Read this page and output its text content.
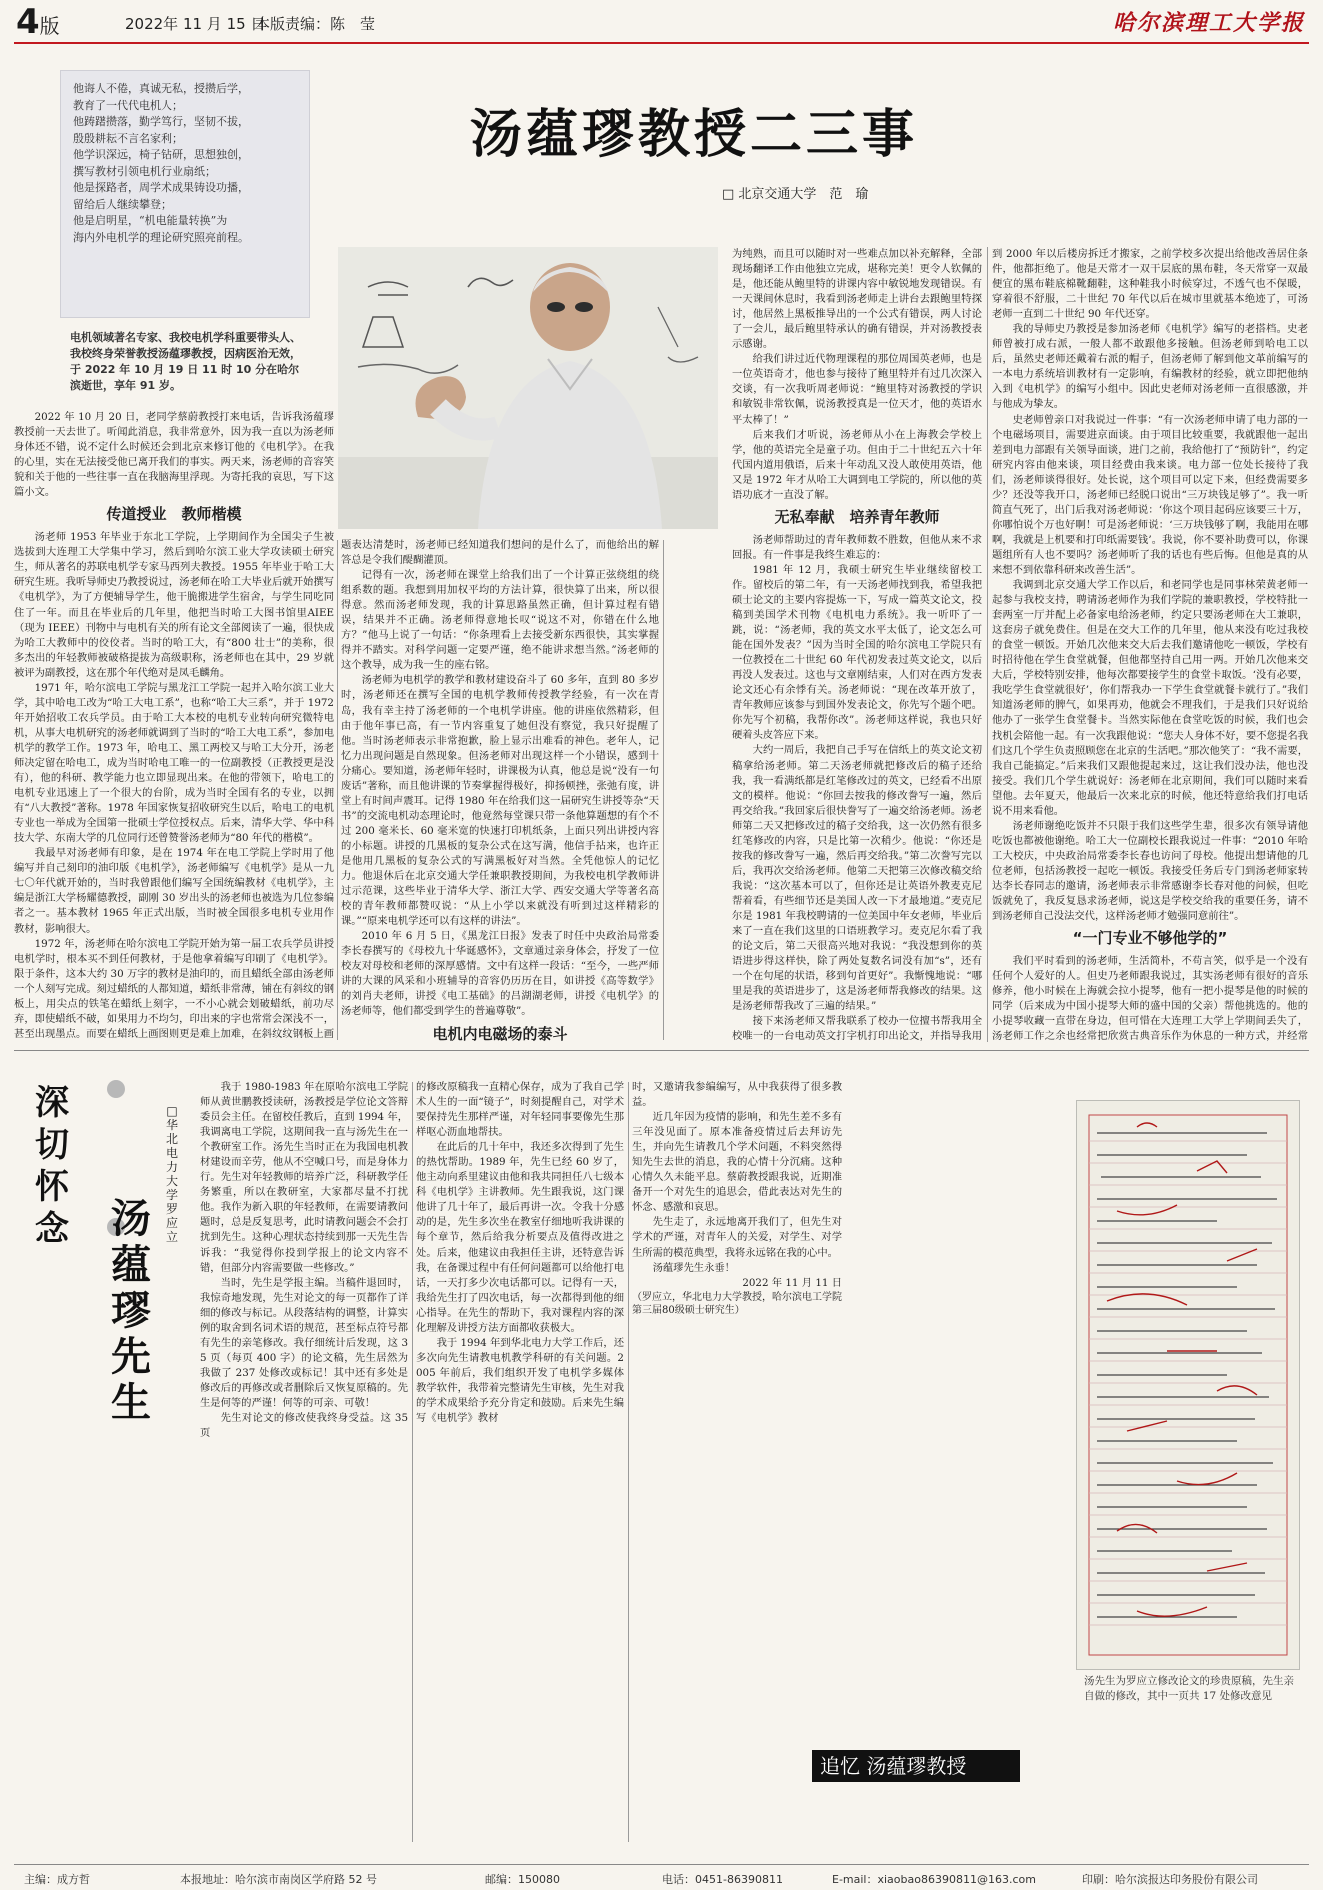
4版	2022年 11 月 15 日
本版责编：陈　莹	哈尔滨理工大学报

他诲人不倦，真诚无私，授攒后学，

教育了一代代电机人；

他踌躇攒落，勤学笃行，坚韧不拔，

殷殷耕耘不言名家利；

他学识深远，椅子钻研，思想独创，

撰写教材引领电机行业扇纸；

他是探路者，周学术成果铸设功播，

留给后人继续攀登；

他是启明星，“机电能量转换”为

海内外电机学的理论研究照亮前程。

电机领域著名专家、我校电机学科重要带头人、我校终身荣誉教授汤蕴璆教授，因病医治无效，于 2022 年 10 月 19 日 11 时 10 分在哈尔滨逝世，享年 91 岁。
汤蕴璆教授二三事
□ 北京交通大学　范　瑜

2022 年 10 月 20 日，老同学蔡蔚教授打来电话，告诉我汤蕴璆教授前一天去世了。听闻此消息，我非常意外，因为我一直以为汤老师身体还不错，说不定什么时候还会到北京来修订他的《电机学》。在我的心里，实在无法接受他已离开我们的事实。两天来，汤老师的音容笑貌和关于他的一些往事一直在我脑海里浮现。为寄托我的哀思，写下这篇小文。

传道授业　教师楷模

汤老师 1953 年毕业于东北工学院，上学期间作为全国尖子生被选拔到大连理工大学集中学习，然后到哈尔滨工业大学攻读硕士研究生，师从著名的苏联电机学专家马西列夫教授。1955 年毕业于哈工大研究生班。我听导师史乃教授说过，汤老师在哈工大毕业后就开始撰写《电机学》，为了方便辅导学生，他干脆搬进学生宿舍，与学生同吃同住了一年。而且在毕业后的几年里，他把当时哈工大图书馆里AIEE（现为 IEEE）刊物中与电机有关的所有论文全部阅读了一遍，很快成为哈工大教师中的佼佼者。当时的哈工大，有“800 壮士”的美称，很多杰出的年轻教师被破格提拔为高级职称，汤老师也在其中，29 岁就被评为副教授，这在那个年代绝对是凤毛麟角。

1971 年，哈尔滨电工学院与黑龙江工学院一起并入哈尔滨工业大学，其中哈电工改为“哈工大电工系”，也称“哈工大三系”，并于 1972 年开始招收工农兵学员。由于哈工大本校的电机专业转向研究微特电机，从事大电机研究的汤老师就调到了当时的“哈工大电工系”，参加电机学的教学工作。1973 年，哈电工、黑工两校又与哈工大分开，汤老师决定留在哈电工，成为当时哈电工唯一的一位副教授（正教授更是没有），他的科研、教学能力也立即显现出来。在他的带领下，哈电工的电机专业迅速上了一个很大的台阶，成为当时全国有名的专业，以拥有“八大教授”著称。1978 年国家恢复招收研究生以后，哈电工的电机专业也一举成为全国第一批硕士学位授权点。后来，清华大学、华中科技大学、东南大学的几位同行还曾赞誉汤老师为“80 年代的楷模”。

我最早对汤老师有印象，是在 1974 年在电工学院上学时用了他编写并自己刻印的油印版《电机学》，汤老师编写《电机学》是从一九七〇年代就开始的，当时我曾跟他们编写全国统编教材《电机学》，主编是浙江大学杨耀德教授，副刚 30 岁出头的汤老师也被选为几位参编者之一。基本教材 1965 年正式出版，当时被全国很多电机专业用作教材，影响很大。

1972 年，汤老师在哈尔滨电工学院开始为第一届工农兵学员讲授电机学时，根本买不到任何教材，于是他拿着编写印刷了《电机学》。限于条件，这本大约 30 万字的教材是油印的，而且蜡纸全部由汤老师一个人刻写完成。刻过蜡纸的人都知道，蜡纸非常薄，铺在有斜纹的钢板上，用尖点的铁笔在蜡纸上刻字，一不小心就会划破蜡纸，前功尽弃，即使蜡纸不破，如果用力不均匀，印出来的字也常常会深浅不一，甚至出现墨点。而要在蜡纸上画图则更是难上加难，在斜纹纹钢板上画

题表达清楚时，汤老师已经知道我们想问的是什么了，而他给出的解答总是令我们醍醐灌顶。

记得有一次，汤老师在课堂上给我们出了一个计算正弦绕组的绕组系数的题。我想到用加权平均的方法计算，很快算了出来，所以很得意。然而汤老师发现，我的计算思路虽然正确，但计算过程有错误，结果并不正确。汤老师得意地长叹“说这不对，你错在什么地方？”他马上说了一句话：“你条理看上去接受新东西很快，其实掌握得并不踏实。对科学问题一定要严谨，绝不能讲求想当然。”汤老师的这个教导，成为我一生的座右铭。

汤老师为电机学的教学和教材建设奋斗了 60 多年，直到 80 多岁时，汤老师还在撰写全国的电机学教师传授教学经验，有一次在青岛，我有幸主持了汤老师的一个电机学讲座。他的讲座依然精彩，但由于他年事已高，有一节内容重复了她但没有察觉，我只好提醒了他。当时汤老师表示非常抱歉，脸上显示出难看的神色。老年人，记忆力出现问题是自然现象。但汤老师对出现这样一个小错误，感到十分痛心。要知道，汤老师年轻时，讲课极为认真，他总是说“没有一句废话”著称，而且他讲课的节奏掌握得极好，抑扬顿挫，张弛有度，讲堂上有时间声震耳。记得 1980 年在给我们这一届研究生讲授等杂“天书”的交流电机动态理论时，他竟然每堂课只带一条他算题想的有个不过 200 毫米长、60 毫米宽的快速打印机纸条，上面只列出讲授内容的小标题。讲授的几黑板的复杂公式在这写满，他信手拈来，也许正是他用几黑板的复杂公式的写满黑板好对当然。全凭他惊人的记忆力。他退休后在北京交通大学任兼职教授期间，为我校电机学教师讲过示范课，这些毕业于清华大学、浙江大学、西安交通大学等著名高校的青年教师都赞叹说：“从上小学以来就没有听到过这样精彩的课。”“原来电机学还可以有这样的讲法”。

2010 年 6 月 5 日，《黑龙江日报》发表了时任中央政治局常委李长春撰写的《母校九十华诞感怀》，文章通过亲身体会，抒发了一位校友对母校和老师的深厚感情。文中有这样一段话：“至今，一些严师讲的大课的风采和小班辅导的音容仍历历在目，如讲授《高等数学》的刘肖夫老师，讲授《电工基础》的吕湖湖老师，讲授《电机学》的汤老师等，他们都受到学生的普遍尊敬”。

电机内电磁场的泰斗

为纯熟，而且可以随时对一些难点加以补充解释，全部现场翻译工作由他独立完成，堪称完美！更令人钦佩的是，他还能从鲍里特的讲课内容中敏锐地发现错误。有一天课间休息时，我看到汤老师走上讲台去跟鲍里特探讨，他居然上黑板推导出的一个公式有错误，两人讨论了一会儿，最后鲍里特承认的确有错误，并对汤教授表示感谢。

给我们讲过近代物理课程的那位周国英老师，也是一位英语奇才，他也参与接待了鲍里特并有过几次深入交谈，有一次我听周老师说：“鲍里特对汤教授的学识和敏锐非常钦佩，说汤教授真是一位天才，他的英语水平太棒了！”

后来我们才听说，汤老师从小在上海教会学校上学，他的英语完全是童子功。但由于二十世纪五六十年代国内道用俄语，后来十年动乱又没人敢使用英语，他又是 1972 年才从哈工大调到电工学院的，所以他的英语功底才一直没了解。

无私奉献　培养青年教师

汤老师帮助过的青年教师数不胜数，但他从来不求回报。有一件事是我终生难忘的：

1981 年 12 月，我硕士研究生毕业继续留校工作。留校后的第二年，有一天汤老师找到我，希望我把硕士论文的主要内容提炼一下，写成一篇英文论文，投稿到美国学术刊物《电机电力系统》。我一听吓了一跳，说：“汤老师，我的英文水平太低了，论文怎么可能在国外发表？”因为当时全国的哈尔滨电工学院只有一位教授在二十世纪 60 年代初发表过英文论文，以后再没人发表过。这也与文章刚结束，人们对在西方发表论文还心有余悸有关。汤老师说：“现在改革开放了，青年教师应该参与到国外发表论文，你先写个题个吧。你先写个初稿，我帮你改”。汤老师这样说，我也只好硬着头皮答应下来。

大约一周后，我把自己手写在信纸上的英文论文初稿拿给汤老师。第二天汤老师就把修改后的稿子还给我，我一看满纸都是红笔修改过的英文，已经看不出原文的模样。他说：“你回去按我的修改誊写一遍，然后再交给我。”我回家后很快誊写了一遍交给汤老师。汤老师第二天又把修改过的稿子交给我，这一次仍然有很多红笔修改的内容，只是比第一次稍少。他说：“你还是按我的修改誊写一遍，然后再交给我。”第二次誊写完以后，我再次交给汤老师。他第二天把第三次修改稿交给我说：“这次基本可以了，但你还是让英语外教麦克尼帮着看，有些细节还是美国人改一下才最地道。”麦克尼尔是 1981 年我校聘请的一位美国中年女老师，毕业后来了一直在我们这里的口语班教学习。麦克尼尔看了我的论文后，第二天很高兴地对我说：“我没想到你的英语进步得这样快，除了两处复数名词没有加“s”，还有一个在句尾的状语，移到句首更好”。我惭愧地说：“哪里是我的英语进步了，这是汤老师帮我修改的结果。这是汤老师帮我改了三遍的结果。”

接下来汤老师又帮我联系了校办一位擅书帮我用全校唯一的一台电动英文打字机打印出论文，并指导我用

到 2000 年以后楼房拆迁才搬家，之前学校多次提出给他改善居住条件，他都拒绝了。他是天常才一双干层底的黑布鞋，冬天常穿一双最便宜的黑布鞋底棉靴翻鞋，这种鞋我小时候穿过，不透气也不保暖，穿着很不舒服，二十世纪 70 年代以后在城市里就基本绝迹了，可汤老师一直到二十世纪 90 年代还穿。

我的导师史乃教授是参加汤老师《电机学》编写的老搭档。史老师曾被打成右派，一般人都不敢跟他多接触。但汤老师到哈电工以后，虽然史老师还戴着右派的帽子，但汤老师了解到他文革前编写的一本电力系统培训教材有一定影响，有编教材的经验，就立即把他纳入到《电机学》的编写小组中。因此史老师对汤老师一直很感激，并与他成为挚友。

史老师曾亲口对我说过一件事：“有一次汤老师申请了电力部的一个电磁场项目，需要进京面谈。由于项目比较重要，我就跟他一起出差到电力部跟有关领导面谈，进门之前，我给他打了“预防针”，约定研究内容由他来谈，项目经费由我来谈。电力部一位处长接待了我们，汤老师谈得很好。处长说，这个项目可以定下来，但经费需要多少？还没等我开口，汤老师已经脱口说出“三万块钱足够了”。我一听简直气死了，出门后我对汤老师说：‘你这个项目起码应该要三十万，你哪怕说个万也好啊！可是汤老师说：‘三万块钱够了啊，我能用在哪啊，我就是上机要和打印纸需要钱’。我说，你不要补助费可以，你课题组所有人也不要吗？汤老师听了我的话也有些后悔。但他是真的从来想不到依靠科研来改善生活”。

我调到北京交通大学工作以后，和老同学也是同事林荣黄老师一起参与我校支持，聘请汤老师作为我们学院的兼职教授，学校特批一套两室一厅并配上必备家电给汤老师，约定只要汤老师在大工兼职，这套房子就免费住。但是在交大工作的几年里，他从来没有吃过我校的食堂一顿饭。开始几次他来交大后去我们邀请他吃一顿饭，学校有时招待他在学生食堂就餐，但他都坚持自己用一两。开始几次他来交大后，学校特别安排，他每次都要接学生的食堂卡取饭。‘没有必要，我吃学生食堂就很好’，你们帮我办一下学生食堂就餐卡就行了。”我们知道汤老师的脾气，如果再劝，他就会不理我们，于是我们只好说给他办了一张学生食堂餐卡。当然实际他在食堂吃饭的时候，我们也会找机会陪他一起。有一次我跟他说：“您夫人身体不好，要不您提名我们这几个学生负责照顾您在北京的生活吧。”那次他笑了：“我不需要，我自己能搞定。”后来我们又跟他提起来过，这让我们没办法，他也没接受。我们几个学生就说好：汤老师在北京期间，我们可以随时来看望他。去年夏天，他最后一次来北京的时候，他还特意给我们打电话说不用来看他。

汤老师谢绝吃饭并不只限于我们这些学生辈，很多次有领导请他吃饭也都被他谢绝。哈工大一位副校长跟我说过一件事：“2010 年哈工大校庆，中央政治局常委李长春也访问了母校。他提出想请他的几位老师，包括汤教授一起吃一顿饭。我接受任务后专门到汤老师家转达李长春同志的邀请，汤老师表示非常感谢李长春对他的问候，但吃饭就免了，我反复恳求汤老师，说这是学校交给我的重要任务，请不到汤老师自己没法交代，这样汤老师才勉强同意前往”。

“一门专业不够他学的”

我们平时看到的汤老师，生活简朴，不苟言笑，似乎是一个没有任何个人爱好的人。但史乃老师跟我说过，其实汤老师有很好的音乐修养，他小时候在上海就会拉小提琴，他有一把小提琴是他的时候的同学（后来成为中国小提琴大师的盛中国的父亲）帮他挑选的。他的小提琴收藏一直带在身边，但可惜在大连理工大学上学期间丢失了，汤老师工作之余也经常把欣赏古典音乐作为休息的一种方式，并经常

深切怀念
□ 华北电力大学　罗应立
汤蕴璆先生

我于 1980-1983 年在原哈尔滨电工学院师从黄世鹏教授读研，汤教授是学位论文答辩委员会主任。在留校任教后，直到 1994 年，我调离电工学院，这期间我一直与汤先生在一个教研室工作。汤先生当时正在为我国电机教材建设而辛劳，他从不空喊口号，而是身体力行。先生对年轻教师的培养广泛，科研教学任务繁重，所以在教研室，大家都尽量不打扰他。我作为新入职的年轻教师，在需要请教问题时，总是反复思考，此时请教问题会不会打扰到先生。这种心理状态持续到那一天先生告诉我：“我觉得你投到学报上的论文内容不错，但部分内容需要做一些修改。”

当时，先生是学报主编。当稿件退回时，我惊奇地发现，先生对论文的每一页都作了详细的修改与标记。从段落结构的调整，计算实例的取舍到名词术语的规范，甚至标点符号都有先生的亲笔修改。我仔细统计后发现，这 35 页（每页 400 字）的论文稿，先生居然为我做了 237 处修改或标记！其中还有多处是修改后的再修改或者删除后又恢复原稿的。先生是何等的严谨！何等的可亲、可敬！

先生对论文的修改使我终身受益。这 35 页

的修改原稿我一直精心保存，成为了我自己学术人生的一面“镜子”，时刻提醒自己，对学术要保持先生那样严谨，对年轻同事要像先生那样呕心沥血地帮扶。

在此后的几十年中，我还多次得到了先生的热忱帮助。1989 年，先生已经 60 岁了，他主动向系里建议由他和我共同担任八七级本科《电机学》主讲教师。先生跟我说，这门课他讲了几十年了，最后再讲一次。令我十分感动的是，先生多次坐在教室仔细地听我讲课的每个章节，然后给我分析要点及值得改进之处。后来，他建议由我担任主讲，还特意告诉我，在备课过程中有任何问题都可以给他打电话，一天打多少次电话都可以。记得有一天，我给先生打了四次电话，每一次都得到他的细心指导。在先生的帮助下，我对课程内容的深化理解及讲授方法方面都收获极大。

我于 1994 年到华北电力大学工作后，还多次向先生请教电机教学科研的有关问题。2005 年前后，我们组织开发了电机学多媒体教学软件，我带着完整请先生审核，先生对我的学术成果给予充分肯定和鼓励。后来先生编写《电机学》教材

时，又邀请我参编编写，从中我获得了很多教益。

近几年因为疫情的影响，和先生差不多有三年没见面了。原本准备疫情过后去拜访先生，并向先生请教几个学术问题，不料突然得知先生去世的消息，我的心情十分沉痛。这种心情久久未能平息。蔡蔚教授跟我说，近期准备开一个对先生的追思会，借此表达对先生的怀念、感激和哀思。

先生走了，永远地离开我们了，但先生对学术的严谨，对青年人的关爱，对学生、对学生所需的模范典型，我将永远铭在我的心中。

汤蕴璆先生永垂！

2022 年 11 月 11 日

（罗应立，华北电力大学教授，哈尔滨电工学院第三届80级硕士研究生）

追忆 汤蕴璆教授
汤先生为罗应立修改论文的珍贵原稿，先生亲自做的修改，其中一页共 17 处修改意见
主编：成方哲	本报地址：哈尔滨市南岗区学府路 52 号	邮编：150080	电话：0451-86390811	E-mail：xiaobao86390811@163.com	印刷：哈尔滨报达印务股份有限公司
